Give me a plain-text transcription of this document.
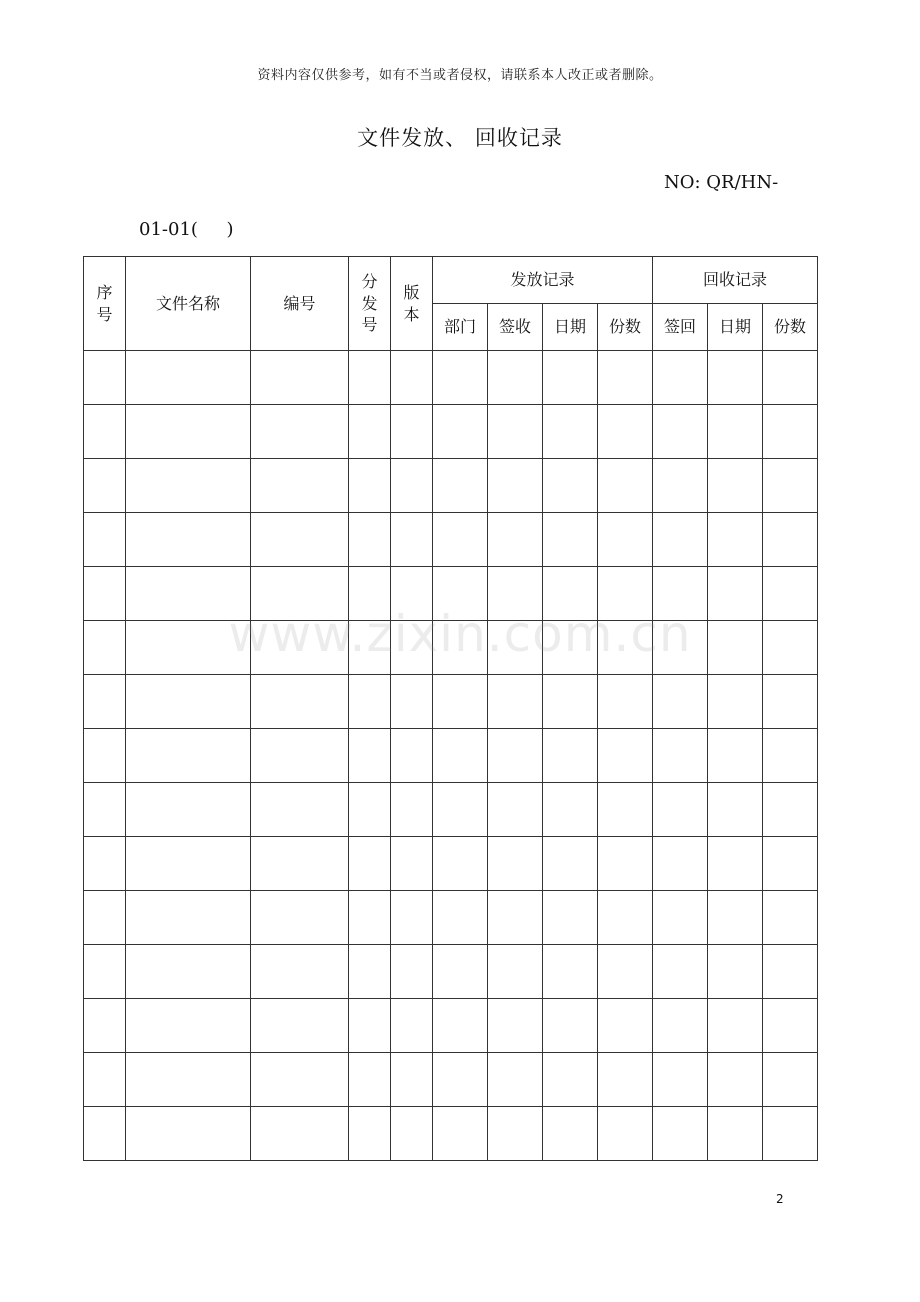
资料内容仅供参考，如有不当或者侵权，请联系本人改正或者删除。
文件发放、 回收记录
NO: QR/HN-
01-01(     )
序号	文件名称	编号	分发号	版本	发放记录				回收记录		
					部门	签收	日期	份数	签回	日期	份数

www.zixin.com.cn
2
